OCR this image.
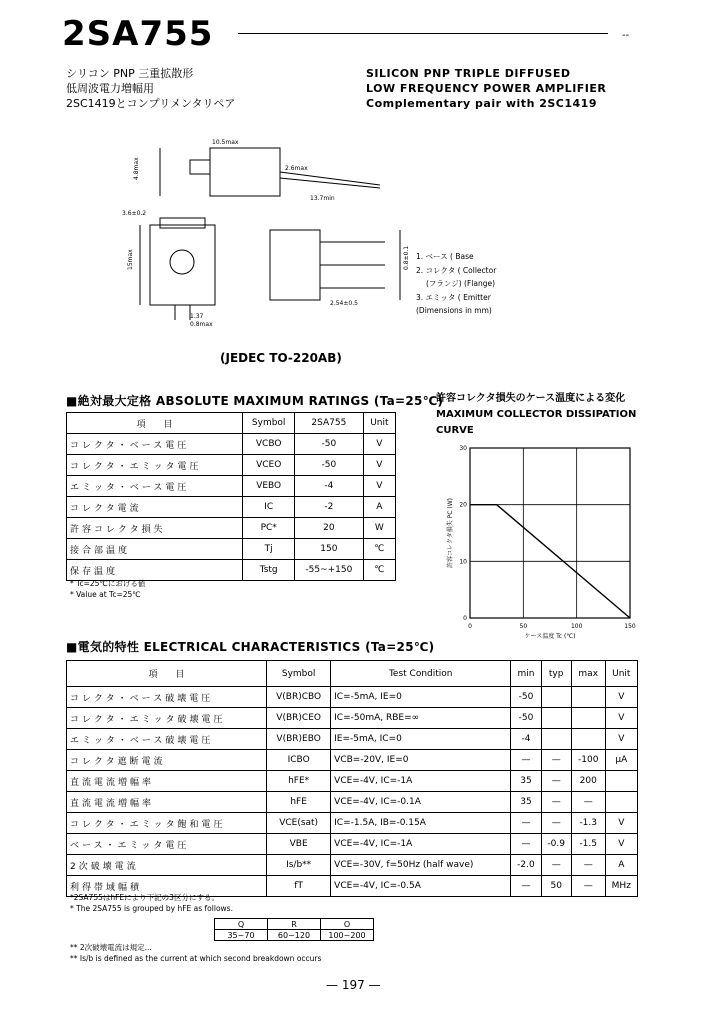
2SA755	--
シリコン PNP 三重拡散形
低周波電力増幅用
2SC1419とコンプリメンタリペア
SILICON PNP TRIPLE DIFFUSED
LOW FREQUENCY POWER AMPLIFIER
Complementary pair with 2SC1419
10.5max
4.8max	2.6max
13.7min
3.6±0.2
15max
1.37
0.8max
2.54±0.5
0.8±0.1 1. ベース ( Base
2. コレクタ ( Collector
(フランジ) (Flange)
3. エミッタ ( Emitter
(Dimensions in mm)
(JEDEC TO-220AB)
■絶対最大定格 ABSOLUTE MAXIMUM RATINGS (Ta=25℃)
項　　目	Symbol	2SA755	Unit
コレクタ・ベース電圧	VCBO	-50	V
コレクタ・エミッタ電圧	VCEO	-50	V
エミッタ・ベース電圧	VEBO	-4	V
コレクタ電流	IC	-2	A
許容コレクタ損失	PC*	20	W
接合部温度	Tj	150	℃
保存温度	Tstg	-55~+150	℃
* Tc=25℃における値
* Value at Tc=25℃
許容コレクタ損失のケース温度による変化
MAXIMUM COLLECTOR DISSIPATION
CURVE
0	50	100	150
0
10
20
30
ケース温度 Tc (℃)
許容コレクタ損失 PC (W)
■電気的特性 ELECTRICAL CHARACTERISTICS (Ta=25℃)
項　　目	Symbol	Test Condition	min	typ	max	Unit
コレクタ・ベース破壊電圧	V(BR)CBO	IC=-5mA, IE=0	-50			V
コレクタ・エミッタ破壊電圧	V(BR)CEO	IC=-50mA, RBE=∞	-50			V
エミッタ・ベース破壊電圧	V(BR)EBO	IE=-5mA, IC=0	-4			V
コレクタ遮断電流	ICBO	VCB=-20V, IE=0	—	—	-100	μA
直流電流増幅率	hFE*	VCE=-4V, IC=-1A	35	—	200	
直流電流増幅率	hFE	VCE=-4V, IC=-0.1A	35	—	—	
コレクタ・エミッタ飽和電圧	VCE(sat)	IC=-1.5A, IB=-0.15A	—	—	-1.3	V
ベース・エミッタ電圧	VBE	VCE=-4V, IC=-1A	—	-0.9	-1.5	V
2次破壊電流	Is/b**	VCE=-30V, f=50Hz (half wave)	-2.0	—	—	A
利得帯域幅積	fT	VCE=-4V, IC=-0.5A	—	50	—	MHz
*2SA755はhFEにより下記の3区分にする。
* The 2SA755 is grouped by hFE as follows.
Q	R	O
35~70	60~120	100~200
** 2次破壊電流は規定...
** Is/b is defined as the current at which second breakdown occurs
— 197 —
